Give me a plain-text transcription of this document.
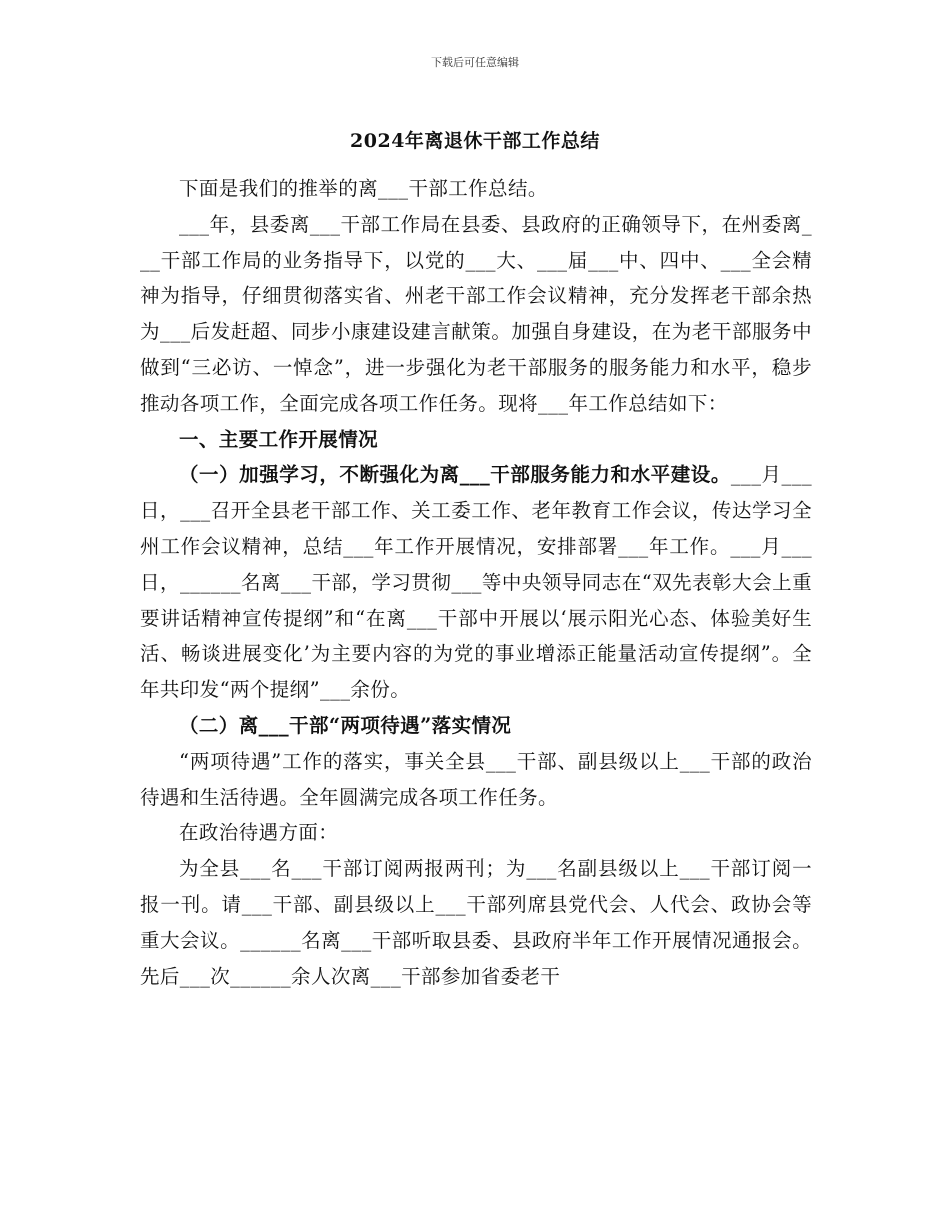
下载后可任意编辑
2024年离退休干部工作总结

下面是我们的推举的离___干部工作总结。

___年，县委离___干部工作局在县委、县政府的正确领导下，在州委离___干部工作局的业务指导下，以党的___大、___届___中、四中、___全会精神为指导，仔细贯彻落实省、州老干部工作会议精神，充分发挥老干部余热为___后发赶超、同步小康建设建言献策。加强自身建设，在为老干部服务中做到“三必访、一悼念”，进一步强化为老干部服务的服务能力和水平，稳步推动各项工作，全面完成各项工作任务。现将___年工作总结如下：

一、主要工作开展情况

（一）加强学习，不断强化为离___干部服务能力和水平建设。___月___日，___召开全县老干部工作、关工委工作、老年教育工作会议，传达学习全州工作会议精神，总结___年工作开展情况，安排部署___年工作。___月___日，______名离___干部，学习贯彻___等中央领导同志在“双先表彰大会上重要讲话精神宣传提纲”和“在离___干部中开展以‘展示阳光心态、体验美好生活、畅谈进展变化’为主要内容的为党的事业增添正能量活动宣传提纲”。全年共印发“两个提纲”___余份。

（二）离___干部“两项待遇”落实情况

“两项待遇”工作的落实，事关全县___干部、副县级以上___干部的政治待遇和生活待遇。全年圆满完成各项工作任务。

在政治待遇方面：

为全县___名___干部订阅两报两刊；为___名副县级以上___干部订阅一报一刊。请___干部、副县级以上___干部列席县党代会、人代会、政协会等重大会议。______名离___干部听取县委、县政府半年工作开展情况通报会。先后___次______余人次离___干部参加省委老干
